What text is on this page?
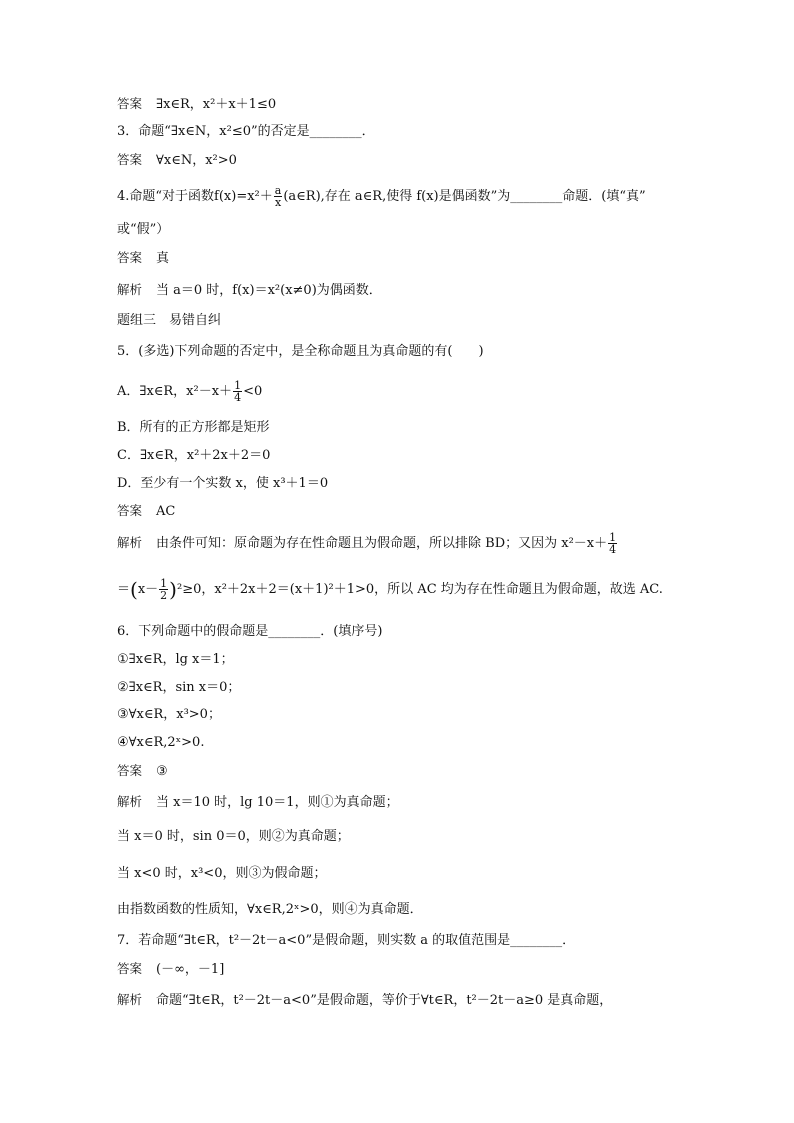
答案 ∃x∈R，x²＋x＋1≤0
3．命题“∃x∈N，x²≤0”的否定是________．
答案 ∀x∈N，x²>0
4.命题“对于函数$f(x)=x^2+ \frac{a}{x}$ (a∈R),存在 a∈R,使得 f(x)是偶函数”为________命题．(填“真”
或“假”）
答案 真
解析 当 a＝0 时，f(x)＝x²(x≠0)为偶函数．
题组三　易错自纠
5．(多选)下列命题的否定中，是全称命题且为真命题的有(　　)
A．∃x∈R，$x^2-x+ \frac{1}{4} <0$
B．所有的正方形都是矩形
C．∃x∈R，x²＋2x＋2＝0
D．至少有一个实数 x，使 x³＋1＝0
答案 AC
解析 由条件可知：原命题为存在性命题且为假命题，所以排除 BD；又因为 $x^2-x+ \frac{1}{4}$
$=(x- \frac{1}{2} )^2\ge 0$，x²＋2x＋2＝(x＋1)²＋1>0，所以 AC 均为存在性命题且为假命题，故选 AC.
6．下列命题中的假命题是________．(填序号)
①∃x∈R，lg x＝1；
②∃x∈R，sin x＝0；
③∀x∈R，x³>0；
④∀x∈R,2ˣ>0.
答案 ③
解析 当 x＝10 时，lg 10＝1，则①为真命题；
当 x＝0 时，sin 0＝0，则②为真命题；
当 x<0 时，x³<0，则③为假命题；
由指数函数的性质知，∀x∈R,2ˣ>0，则④为真命题．
7．若命题“∃t∈R，t²－2t－a<0”是假命题，则实数 a 的取值范围是________．
答案 (－∞，－1]
解析 命题“∃t∈R，t²－2t－a<0”是假命题，等价于∀t∈R，t²－2t－a≥0 是真命题，
